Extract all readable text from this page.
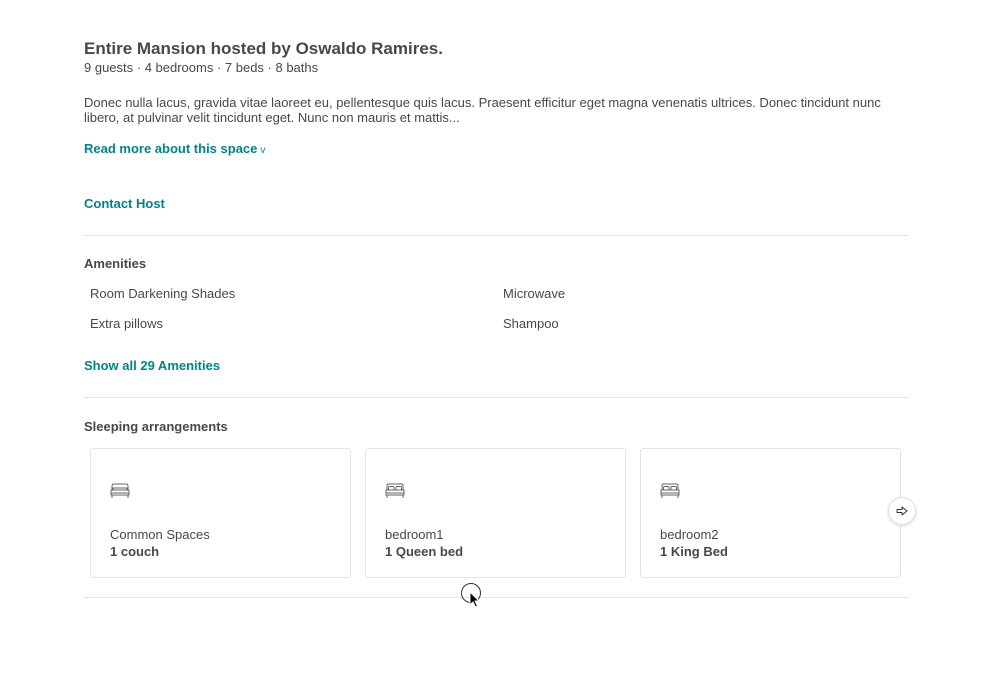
Entire Mansion hosted by Oswaldo Ramires.
9 guests · 4 bedrooms · 7 beds · 8 baths
Donec nulla lacus, gravida vitae laoreet eu, pellentesque quis lacus. Praesent efficitur eget magna venenatis ultrices. Donec tincidunt nunc libero, at pulvinar velit tincidunt eget. Nunc non mauris et mattis...
Read more about this space v
Contact Host
Amenities
Room Darkening Shades	Microwave
Extra pillows	Shampoo
Show all 29 Amenities
Sleeping arrangements
Common Spaces
1 couch
bedroom1
1 Queen bed
bedroom2
1 King Bed
